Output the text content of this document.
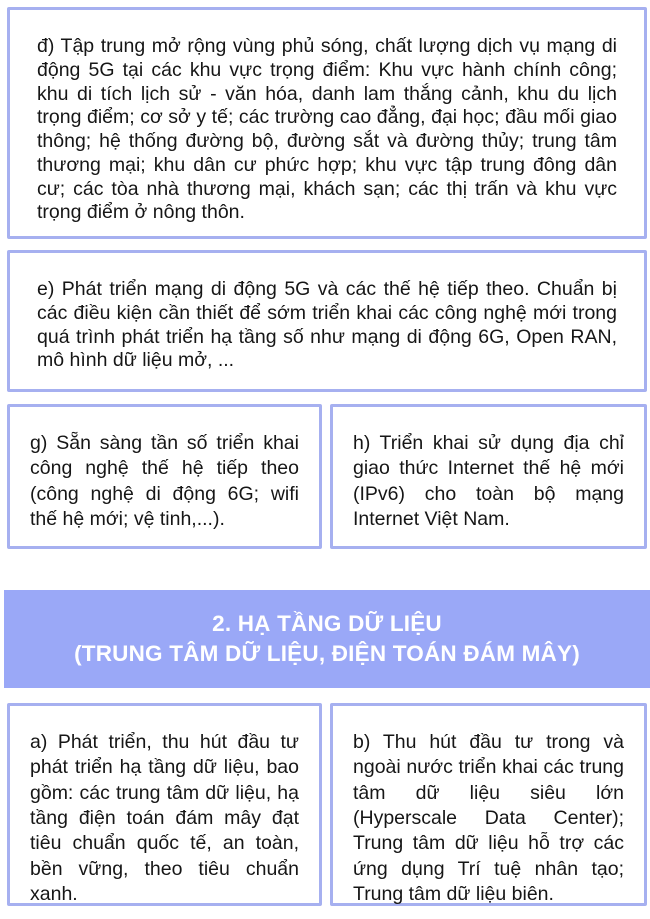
đ) Tập trung mở rộng vùng phủ sóng, chất lượng dịch vụ mạng di động 5G tại các khu vực trọng điểm: Khu vực hành chính công; khu di tích lịch sử - văn hóa, danh lam thắng cảnh, khu du lịch trọng điểm; cơ sở y tế; các trường cao đẳng, đại học; đầu mối giao thông; hệ thống đường bộ, đường sắt và đường thủy; trung tâm thương mại; khu dân cư phức hợp; khu vực tập trung đông dân cư; các tòa nhà thương mại, khách sạn; các thị trấn và khu vực trọng điểm ở nông thôn.

e) Phát triển mạng di động 5G và các thế hệ tiếp theo. Chuẩn bị các điều kiện cần thiết để sớm triển khai các công nghệ mới trong quá trình phát triển hạ tầng số như mạng di động 6G, Open RAN, mô hình dữ liệu mở, ...

g) Sẵn sàng tần số triển khai công nghệ thế hệ tiếp theo (công nghệ di động 6G; wifi thế hệ mới; vệ tinh,...).

h) Triển khai sử dụng địa chỉ giao thức Internet thế hệ mới (IPv6) cho toàn bộ mạng Internet Việt Nam.

2. HẠ TẦNG DỮ LIỆU
(TRUNG TÂM DỮ LIỆU, ĐIỆN TOÁN ĐÁM MÂY)

a) Phát triển, thu hút đầu tư phát triển hạ tầng dữ liệu, bao gồm: các trung tâm dữ liệu, hạ tầng điện toán đám mây đạt tiêu chuẩn quốc tế, an toàn, bền vững, theo tiêu chuẩn xanh.

b) Thu hút đầu tư trong và ngoài nước triển khai các trung tâm dữ liệu siêu lớn (Hyperscale Data Center); Trung tâm dữ liệu hỗ trợ các ứng dụng Trí tuệ nhân tạo; Trung tâm dữ liệu biên.
